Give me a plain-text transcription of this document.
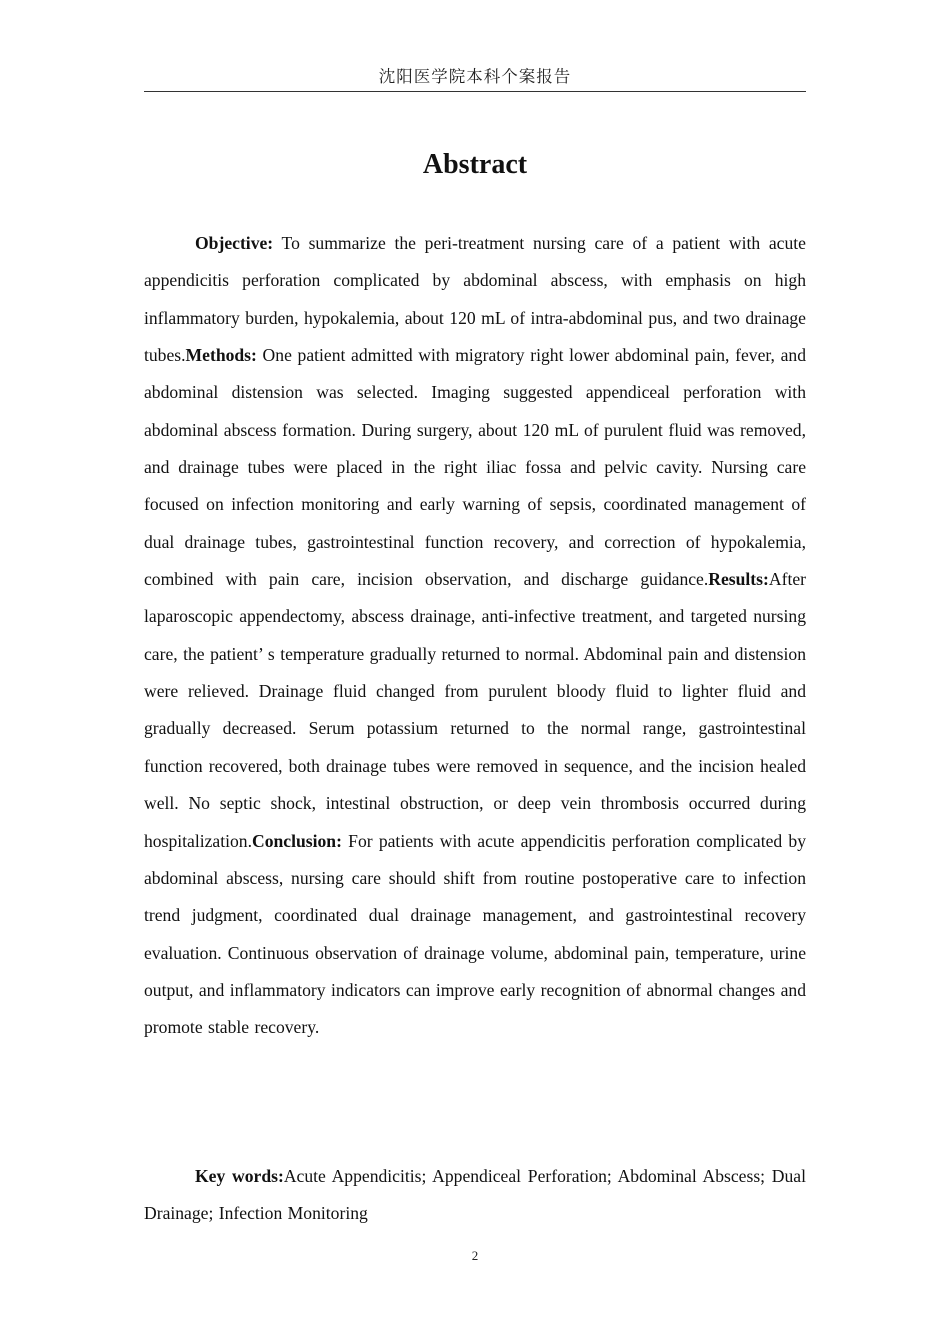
沈阳医学院本科个案报告
Abstract

Objective: To summarize the peri-treatment nursing care of a patient with acute appendicitis perforation complicated by abdominal abscess, with emphasis on high inflammatory burden, hypokalemia, about 120 mL of intra-abdominal pus, and two drainage tubes.Methods: One patient admitted with migratory right lower abdominal pain, fever, and abdominal distension was selected. Imaging suggested appendiceal perforation with abdominal abscess formation. During surgery, about 120 mL of purulent fluid was removed, and drainage tubes were placed in the right iliac fossa and pelvic cavity. Nursing care focused on infection monitoring and early warning of sepsis, coordinated management of dual drainage tubes, gastrointestinal function recovery, and correction of hypokalemia, combined with pain care, incision observation, and discharge guidance.Results:After laparoscopic appendectomy, abscess drainage, anti-infective treatment, and targeted nursing care, the patient’ s temperature gradually returned to normal. Abdominal pain and distension were relieved. Drainage fluid changed from purulent bloody fluid to lighter fluid and gradually decreased. Serum potassium returned to the normal range, gastrointestinal function recovered, both drainage tubes were removed in sequence, and the incision healed well. No septic shock, intestinal obstruction, or deep vein thrombosis occurred during hospitalization.Conclusion: For patients with acute appendicitis perforation complicated by abdominal abscess, nursing care should shift from routine postoperative care to infection trend judgment, coordinated dual drainage management, and gastrointestinal recovery evaluation. Continuous observation of drainage volume, abdominal pain, temperature, urine output, and inflammatory indicators can improve early recognition of abnormal changes and promote stable recovery.

Key words:Acute Appendicitis; Appendiceal Perforation; Abdominal Abscess; Dual Drainage; Infection Monitoring

2
